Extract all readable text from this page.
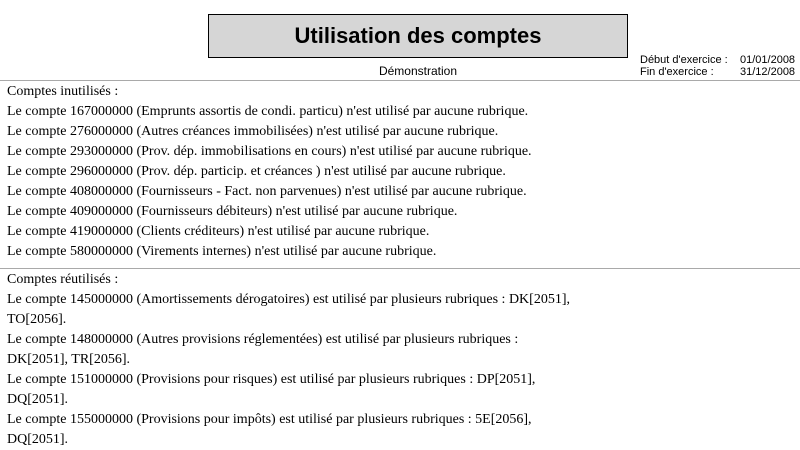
Utilisation des comptes
Démonstration
Début d'exercice : 01/01/2008
Fin d'exercice : 31/12/2008

Comptes inutilisés :

Le compte 167000000 (Emprunts assortis de condi. particu) n'est utilisé par aucune rubrique.

Le compte 276000000 (Autres créances immobilisées) n'est utilisé par aucune rubrique.

Le compte 293000000 (Prov. dép. immobilisations en cours) n'est utilisé par aucune rubrique.

Le compte 296000000 (Prov. dép. particip. et créances ) n'est utilisé par aucune rubrique.

Le compte 408000000 (Fournisseurs - Fact. non parvenues) n'est utilisé par aucune rubrique.

Le compte 409000000 (Fournisseurs débiteurs) n'est utilisé par aucune rubrique.

Le compte 419000000 (Clients créditeurs) n'est utilisé par aucune rubrique.

Le compte 580000000 (Virements internes) n'est utilisé par aucune rubrique.

Comptes réutilisés :

Le compte 145000000 (Amortissements dérogatoires) est utilisé par plusieurs rubriques : DK[2051],

TO[2056].

Le compte 148000000 (Autres provisions réglementées) est utilisé par plusieurs rubriques :

DK[2051], TR[2056].

Le compte 151000000 (Provisions pour risques) est utilisé par plusieurs rubriques : DP[2051],

DQ[2051].

Le compte 155000000 (Provisions pour impôts) est utilisé par plusieurs rubriques : 5E[2056],

DQ[2051].
